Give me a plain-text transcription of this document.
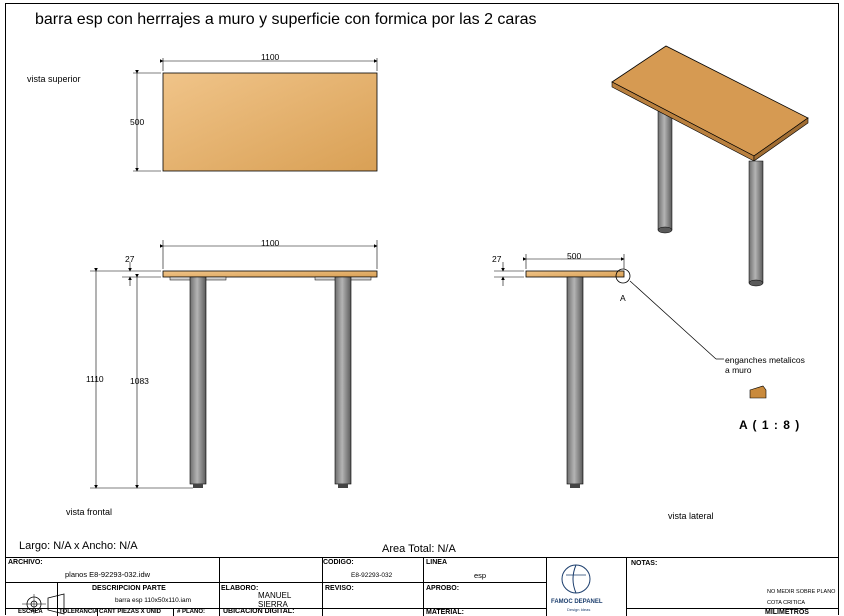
barra esp con herrrajes a muro y superficie con formica por las 2 caras
vista superior
vista frontal	vista lateral
1100
500
1100
27
1110	1083
500
27
A
enganches metalicos
a muro
A ( 1 : 8 )
Largo: N/A x Ancho: N/A	Area Total: N/A
ARCHIVO:
planos E8-92293-032.idw
DESCRIPCION PARTE
barra esp 110x50x110.iam
CODIGO:
E8-92293-032
LINEA
esp
ELABORO:
MANUEL
SIERRA
REVISO:	APROBO:
NOTAS:
NO MEDIR SOBRE PLANO
COTA CRITICA
ESCALA	TOLERANCIA CANT PIEZAS X UNID	# PLANO:	UBICACION DIGITAL:	MATERIAL:	MILIMETROS
FAMOC DEPANEL
Design Ideas
